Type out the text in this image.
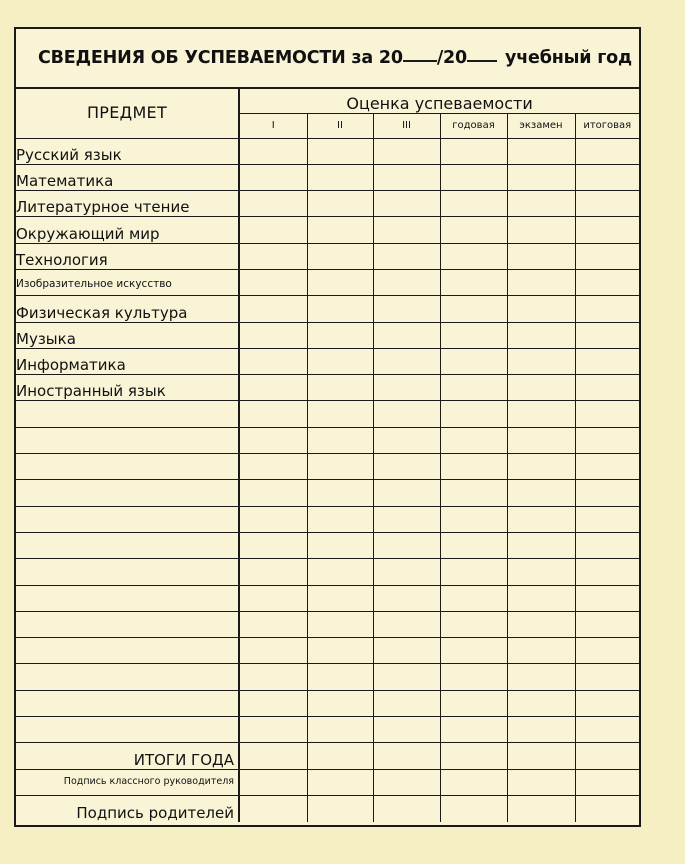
СВЕДЕНИЯ ОБ УСПЕВАЕМОСТИ за 20 /20 учебный год
ПРЕДМЕТ	Оценка успеваемости					
	I	II	III	годовая	экзамен	итоговая
Русский язык						
Математика						
Литературное чтение						
Окружающий мир						
Технология						
Изобразительное искусство						
Физическая культура						
Музыка						
Информатика						
Иностранный язык						

ИТОГИ ГОДА						
Подпись классного руководителя						
Подпись родителей						
